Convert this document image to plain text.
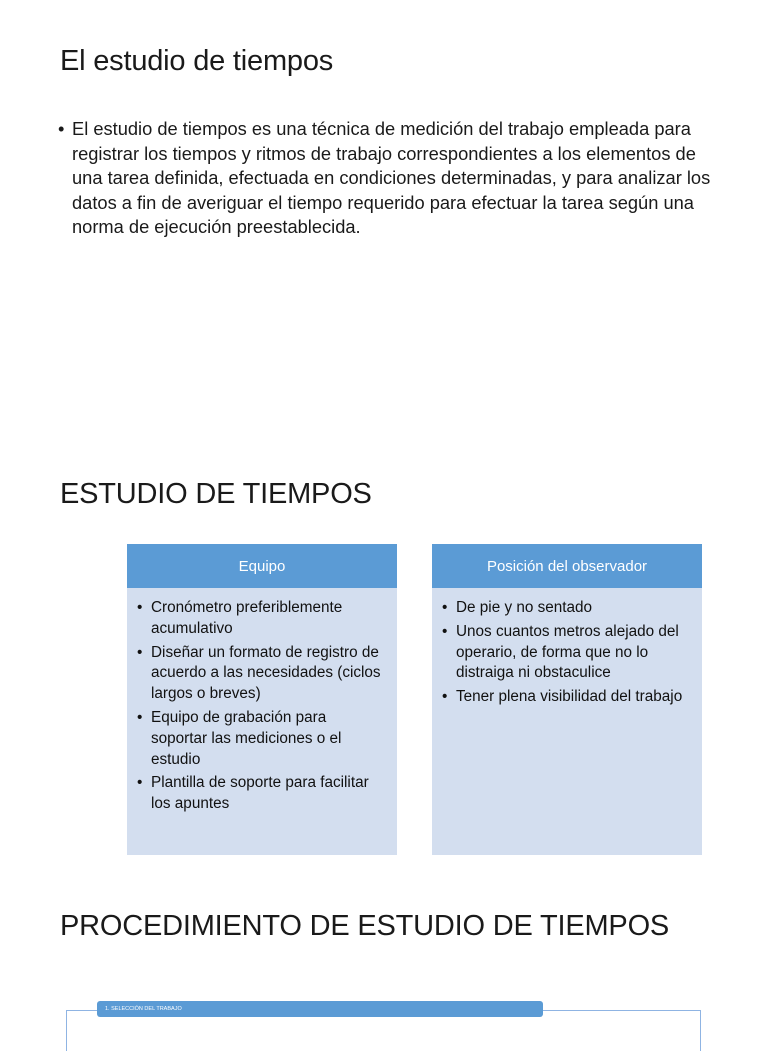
El estudio de tiempos
• El estudio de tiempos es una técnica de medición del trabajo empleada para registrar los tiempos y ritmos de trabajo correspondientes a los elementos de una tarea definida, efectuada en condiciones determinadas, y para analizar los datos a fin de averiguar el tiempo requerido para efectuar la tarea según una norma de ejecución preestablecida.
ESTUDIO DE TIEMPOS
Equipo
• Cronómetro preferiblemente acumulativo
• Diseñar un formato de registro de acuerdo a las necesidades (ciclos largos o breves)
• Equipo de grabación para soportar las mediciones o el estudio
• Plantilla de soporte para facilitar los apuntes
Posición del observador
• De pie y no sentado
• Unos cuantos metros alejado del operario, de forma que no lo distraiga ni obstaculice
• Tener plena visibilidad del trabajo
PROCEDIMIENTO DE ESTUDIO DE TIEMPOS
1. SELECCIÓN DEL TRABAJO
